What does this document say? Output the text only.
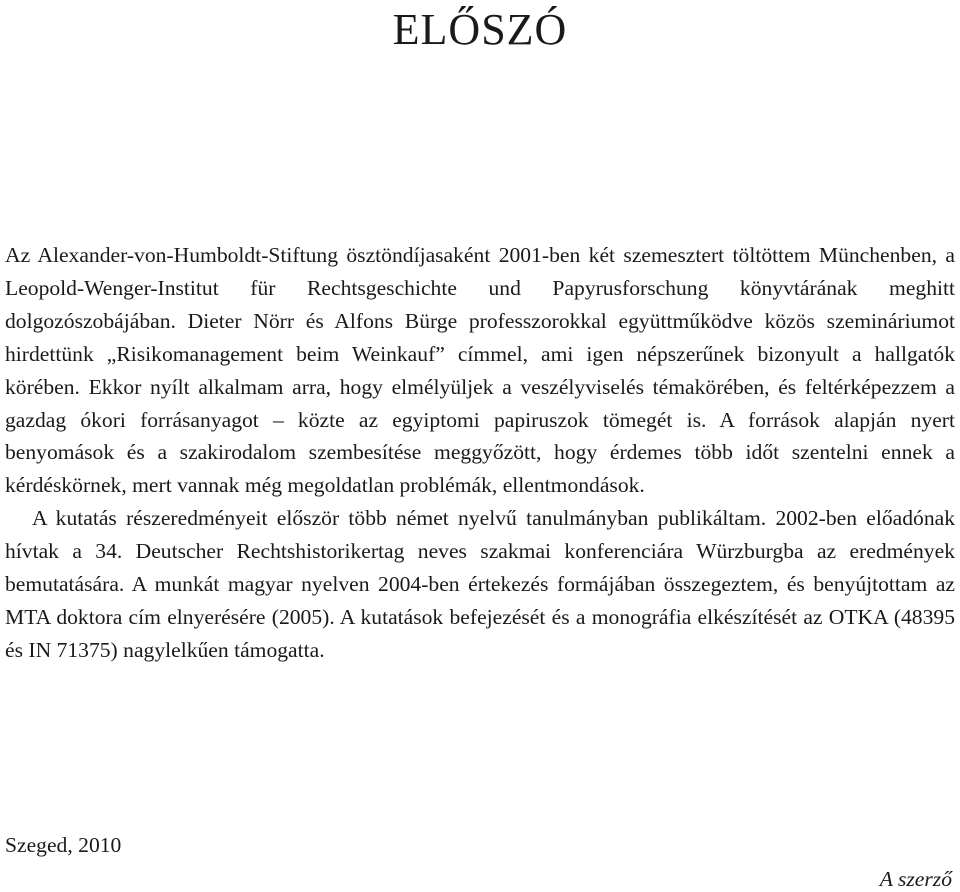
ELŐSZÓ

Az Alexander-von-Humboldt-Stiftung ösztöndíjasaként 2001-ben két szemesztert töltöttem Münchenben, a Leopold-Wenger-Institut für Rechtsgeschichte und Papyrusforschung könyvtárának meghitt dolgozószobájában. Dieter Nörr és Alfons Bürge professzorokkal együttműködve közös szemináriumot hirdettünk „Risikomanagement beim Weinkauf” címmel, ami igen népszerűnek bizonyult a hallgatók körében. Ekkor nyílt alkalmam arra, hogy elmélyüljek a veszélyviselés témakörében, és feltérképezzem a gazdag ókori forrásanyagot – közte az egyiptomi papiruszok tömegét is. A források alapján nyert benyomások és a szakirodalom szembesítése meggyőzött, hogy érdemes több időt szentelni ennek a kérdéskörnek, mert vannak még megoldatlan problémák, ellentmondások.

A kutatás részeredményeit először több német nyelvű tanulmányban publikáltam. 2002-ben előadónak hívtak a 34. Deutscher Rechtshistorikertag neves szakmai konferenciára Würzburgba az eredmények bemutatására. A munkát magyar nyelven 2004-ben értekezés formájában összegeztem, és benyújtottam az MTA doktora cím elnyerésére (2005). A kutatások befejezését és a monográfia elkészítését az OTKA (48395 és IN 71375) nagylelkűen támogatta.

Szeged, 2010

A szerző
